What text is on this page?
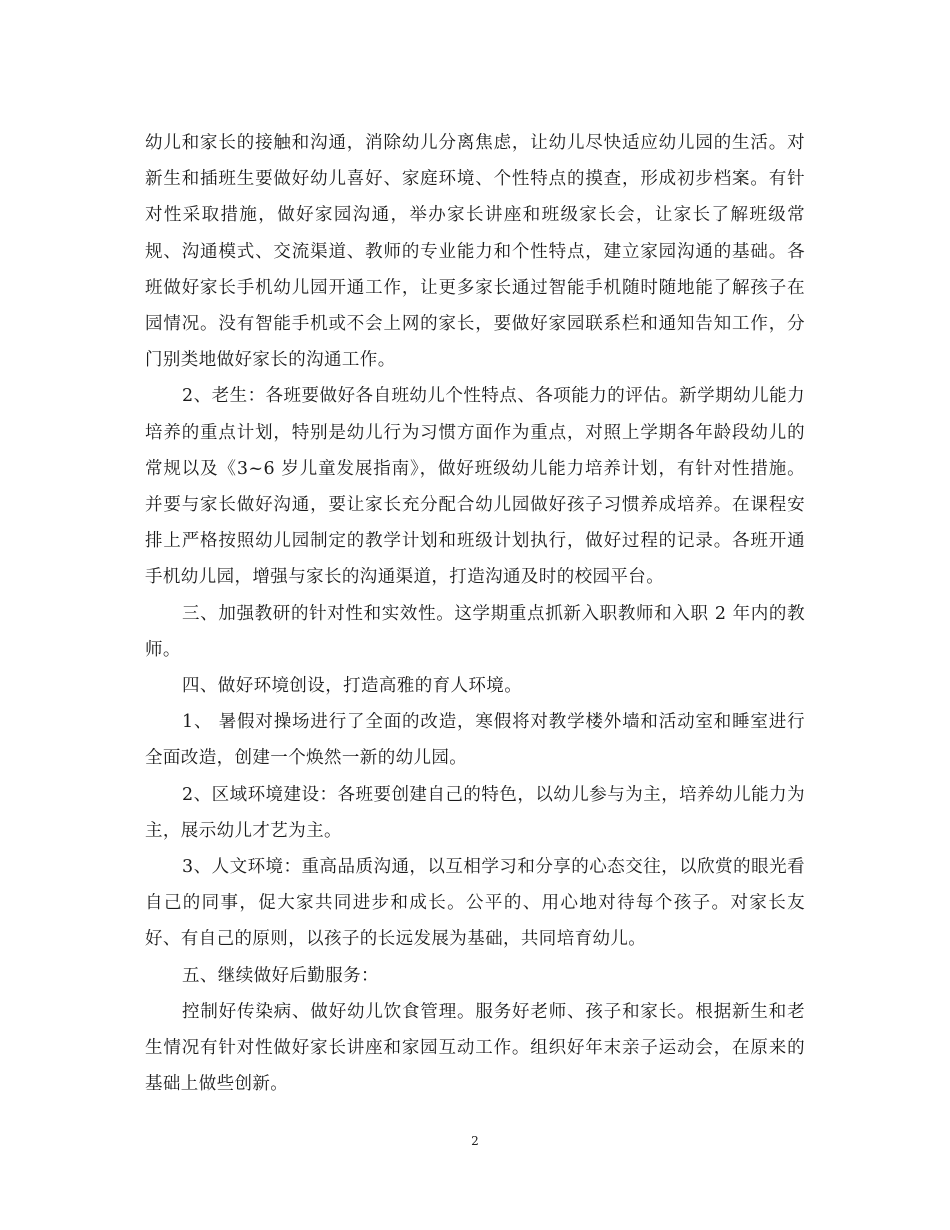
幼儿和家长的接触和沟通，消除幼儿分离焦虑，让幼儿尽快适应幼儿园的生活。对新生和插班生要做好幼儿喜好、家庭环境、个性特点的摸查，形成初步档案。有针对性采取措施，做好家园沟通，举办家长讲座和班级家长会，让家长了解班级常规、沟通模式、交流渠道、教师的专业能力和个性特点，建立家园沟通的基础。各班做好家长手机幼儿园开通工作，让更多家长通过智能手机随时随地能了解孩子在园情况。没有智能手机或不会上网的家长，要做好家园联系栏和通知告知工作，分门别类地做好家长的沟通工作。

2、老生：各班要做好各自班幼儿个性特点、各项能力的评估。新学期幼儿能力培养的重点计划，特别是幼儿行为习惯方面作为重点，对照上学期各年龄段幼儿的常规以及《3~6 岁儿童发展指南》，做好班级幼儿能力培养计划，有针对性措施。并要与家长做好沟通，要让家长充分配合幼儿园做好孩子习惯养成培养。在课程安排上严格按照幼儿园制定的教学计划和班级计划执行，做好过程的记录。各班开通手机幼儿园，增强与家长的沟通渠道，打造沟通及时的校园平台。

三、加强教研的针对性和实效性。这学期重点抓新入职教师和入职 2 年内的教师。

四、做好环境创设，打造高雅的育人环境。

1、 暑假对操场进行了全面的改造，寒假将对教学楼外墙和活动室和睡室进行全面改造，创建一个焕然一新的幼儿园。

2、区域环境建设：各班要创建自己的特色，以幼儿参与为主，培养幼儿能力为主，展示幼儿才艺为主。

3、人文环境：重高品质沟通，以互相学习和分享的心态交往，以欣赏的眼光看自己的同事，促大家共同进步和成长。公平的、用心地对待每个孩子。对家长友好、有自己的原则，以孩子的长远发展为基础，共同培育幼儿。

五、继续做好后勤服务：

控制好传染病、做好幼儿饮食管理。服务好老师、孩子和家长。根据新生和老生情况有针对性做好家长讲座和家园互动工作。组织好年末亲子运动会，在原来的基础上做些创新。

2
